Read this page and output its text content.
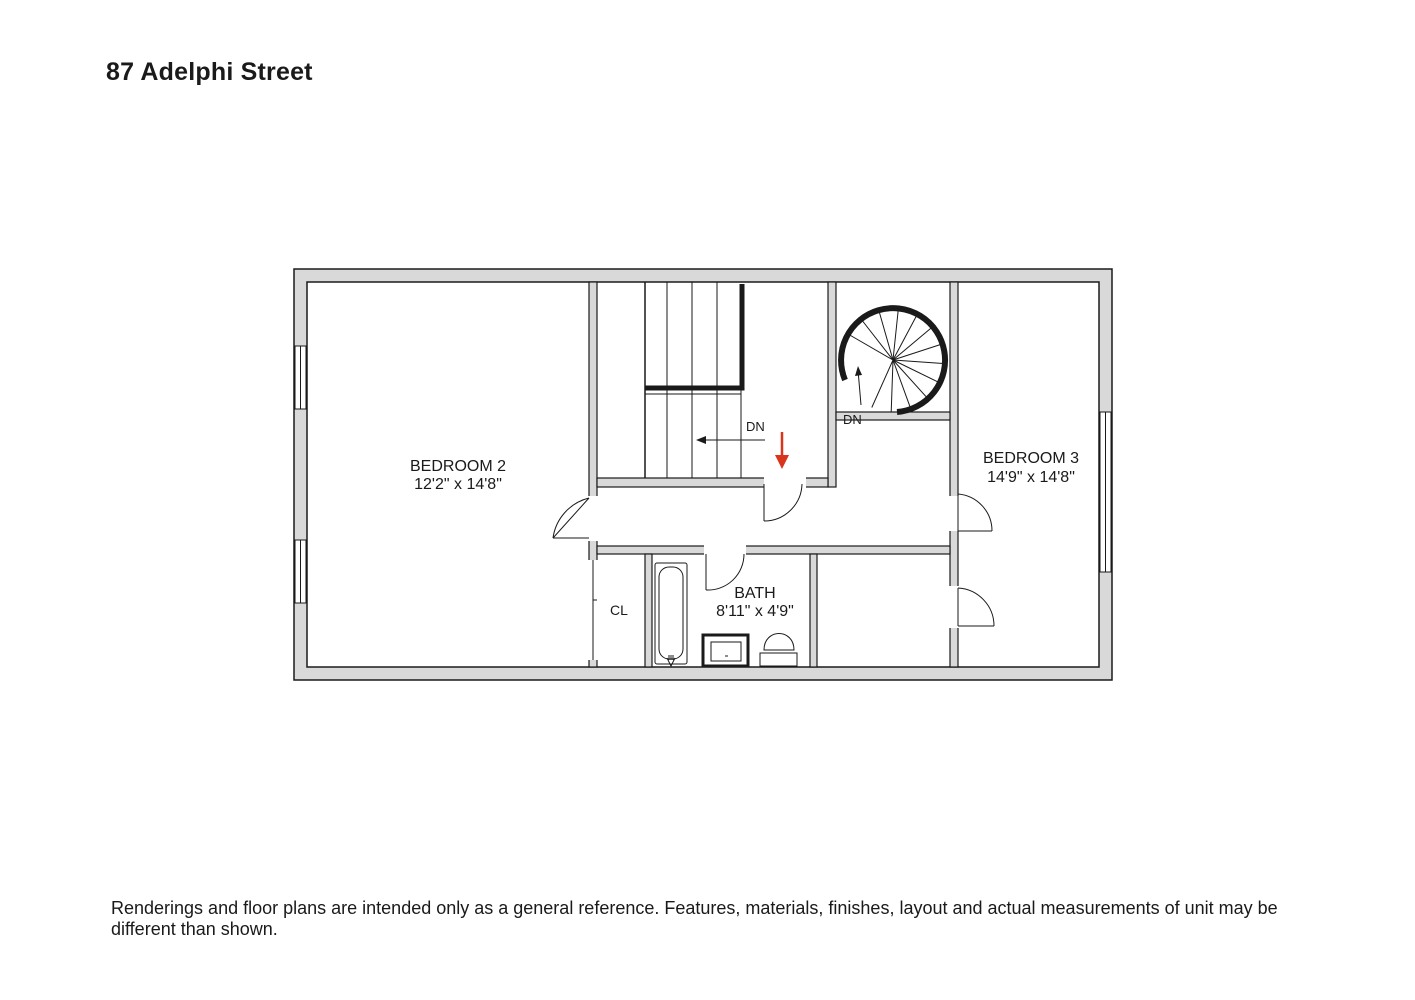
87 Adelphi Street
DN	DN
BEDROOM 2
12'2" x 14'8"
BEDROOM 3
14'9" x 14'8"
BATH
8'11" x 4'9"
CL
Renderings and floor plans are intended only as a general reference. Features, materials, finishes, layout and actual measurements of unit may be different than shown.
